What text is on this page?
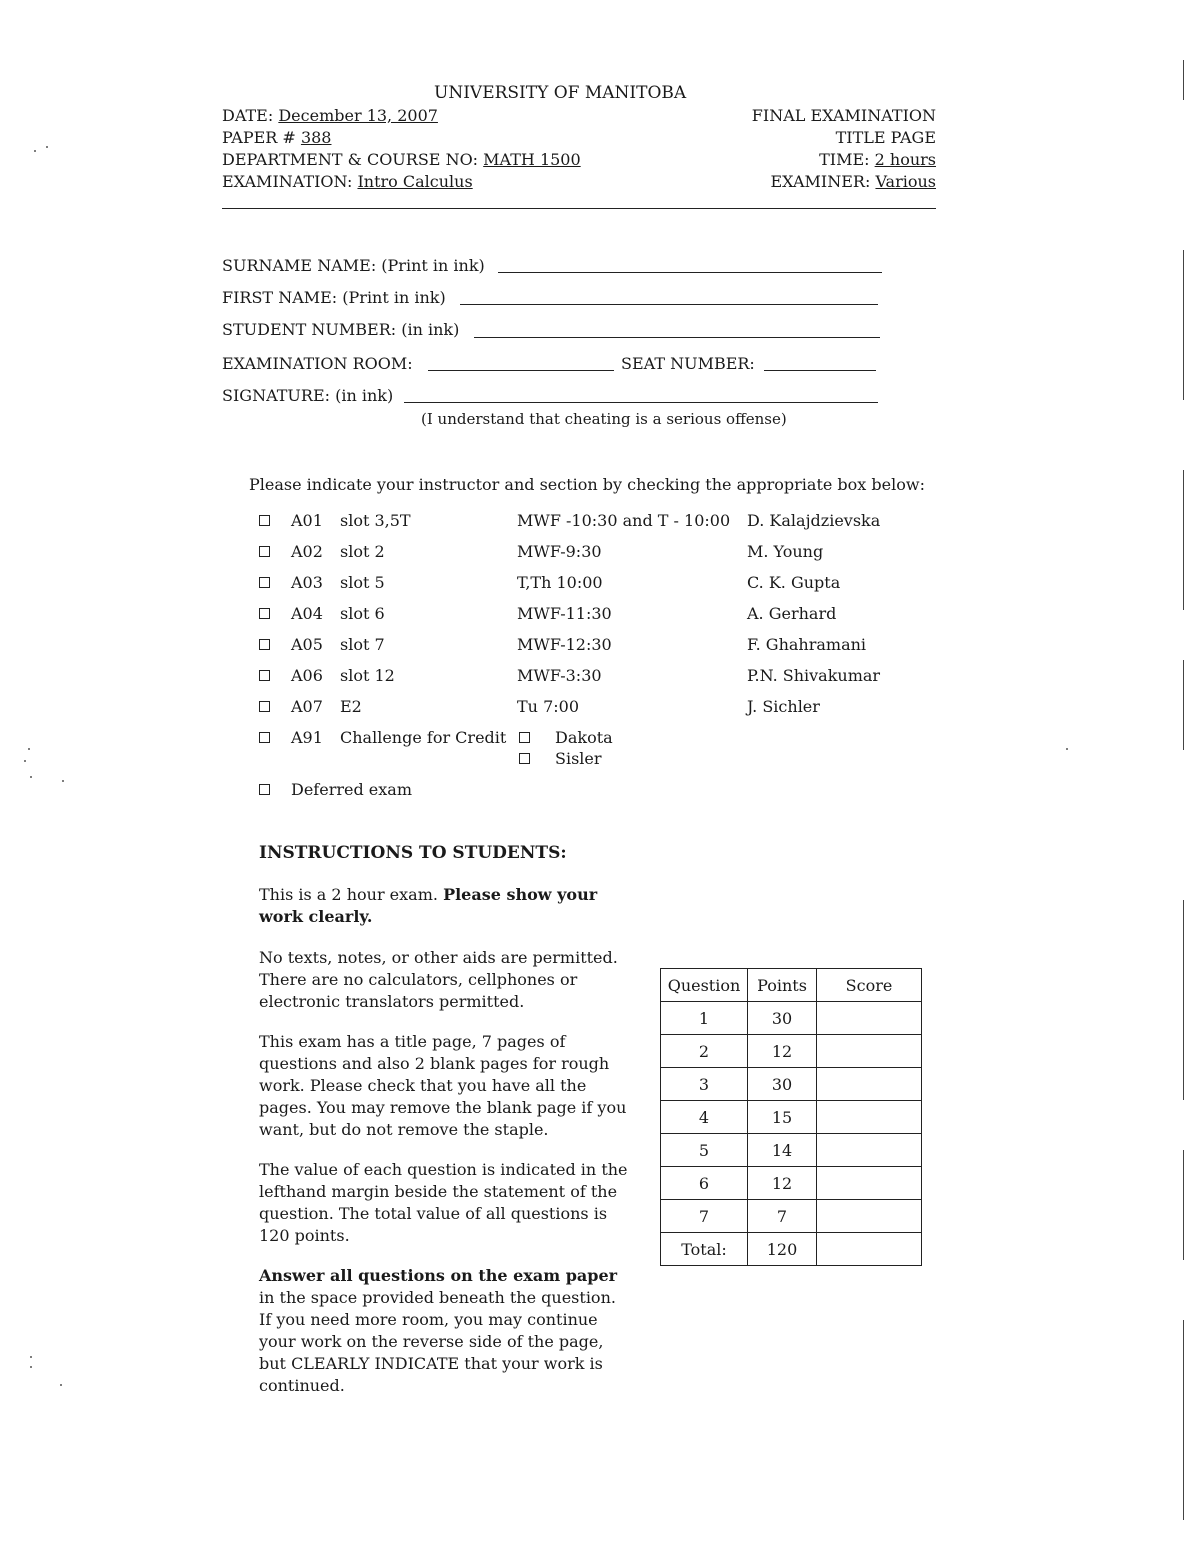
UNIVERSITY OF MANITOBA
DATE: December 13, 2007
PAPER # 388
DEPARTMENT & COURSE NO: MATH 1500
EXAMINATION: Intro Calculus
FINAL EXAMINATION
TITLE PAGE
TIME: 2 hours
EXAMINER: Various
SURNAME NAME: (Print in ink)
FIRST NAME: (Print in ink)
STUDENT NUMBER: (in ink)
EXAMINATION ROOM:	SEAT NUMBER:
SIGNATURE: (in ink)
(I understand that cheating is a serious offense)
Please indicate your instructor and section by checking the appropriate box below:
A01 slot 3,5T	MWF -10:30 and T - 10:00 D. Kalajdzievska
A02 slot 2	MWF-9:30	M. Young
A03 slot 5	T,Th 10:00	C. K. Gupta
A04 slot 6	MWF-11:30	A. Gerhard
A05 slot 7	MWF-12:30	F. Ghahramani
A06 slot 12	MWF-3:30	P.N. Shivakumar
A07 E2	Tu 7:00	J. Sichler
A91 Challenge for Credit	Dakota
Sisler
Deferred exam
INSTRUCTIONS TO STUDENTS:
This is a 2 hour exam. Please show your work clearly.
No texts, notes, or other aids are permitted. There are no calculators, cellphones or electronic translators permitted.
This exam has a title page, 7 pages of questions and also 2 blank pages for rough work. Please check that you have all the pages. You may remove the blank page if you want, but do not remove the staple.
The value of each question is indicated in the lefthand margin beside the statement of the question. The total value of all questions is 120 points.
Answer all questions on the exam paper in the space provided beneath the question. If you need more room, you may continue your work on the reverse side of the page, but CLEARLY INDICATE that your work is continued.
Question	Points	Score
1	30	
2	12	
3	30	
4	15	
5	14	
6	12	
7	7	
Total:	120	
